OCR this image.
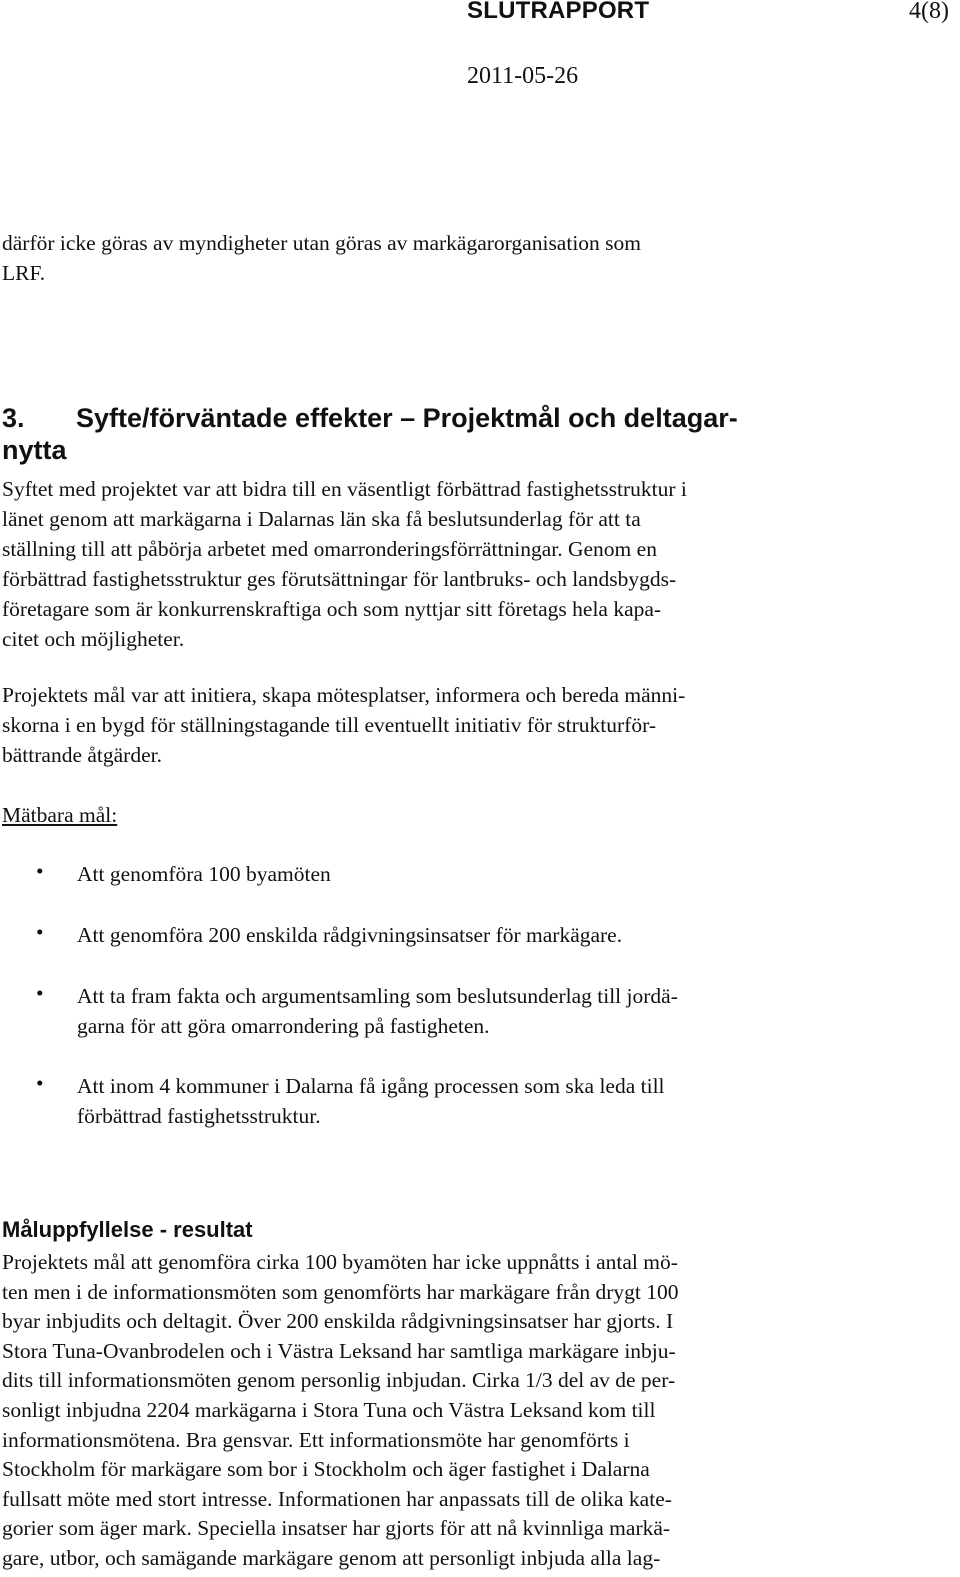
SLUTRAPPORT	4(8)
2011-05-26

därför icke göras av myndigheter utan göras av markägarorganisation som

LRF.

3. Syfte/förväntade effekter – Projektmål och deltagar-
nytta

Syftet med projektet var att bidra till en väsentligt förbättrad fastighetsstruktur i

länet genom att markägarna i Dalarnas län ska få beslutsunderlag för att ta

ställning till att påbörja arbetet med omarronderingsförrättningar. Genom en

förbättrad fastighetsstruktur ges förutsättningar för lantbruks- och landsbygds-

företagare som är konkurrenskraftiga och som nyttjar sitt företags hela kapa-

citet och möjligheter.

Projektets mål var att initiera, skapa mötesplatser, informera och bereda männi-

skorna i en bygd för ställningstagande till eventuellt initiativ för strukturför-

bättrande åtgärder.

Mätbara mål:
• Att genomföra 100 byamöten

• Att genomföra 200 enskilda rådgivningsinsatser för markägare.

• Att ta fram fakta och argumentsamling som beslutsunderlag till jordä-

garna för att göra omarrondering på fastigheten.

• Att inom 4 kommuner i Dalarna få igång processen som ska leda till

förbättrad fastighetsstruktur.

Måluppfyllelse - resultat

Projektets mål att genomföra cirka 100 byamöten har icke uppnåtts i antal mö-

ten men i de informationsmöten som genomförts har markägare från drygt 100

byar inbjudits och deltagit. Över 200 enskilda rådgivningsinsatser har gjorts. I

Stora Tuna-Ovanbrodelen och i Västra Leksand har samtliga markägare inbju-

dits till informationsmöten genom personlig inbjudan. Cirka 1/3 del av de per-

sonligt inbjudna 2204 markägarna i Stora Tuna och Västra Leksand kom till

informationsmötena. Bra gensvar. Ett informationsmöte har genomförts i

Stockholm för markägare som bor i Stockholm och äger fastighet i Dalarna

fullsatt möte med stort intresse. Informationen har anpassats till de olika kate-

gorier som äger mark. Speciella insatser har gjorts för att nå kvinnliga markä-

gare, utbor, och samägande markägare genom att personligt inbjuda alla lag-
